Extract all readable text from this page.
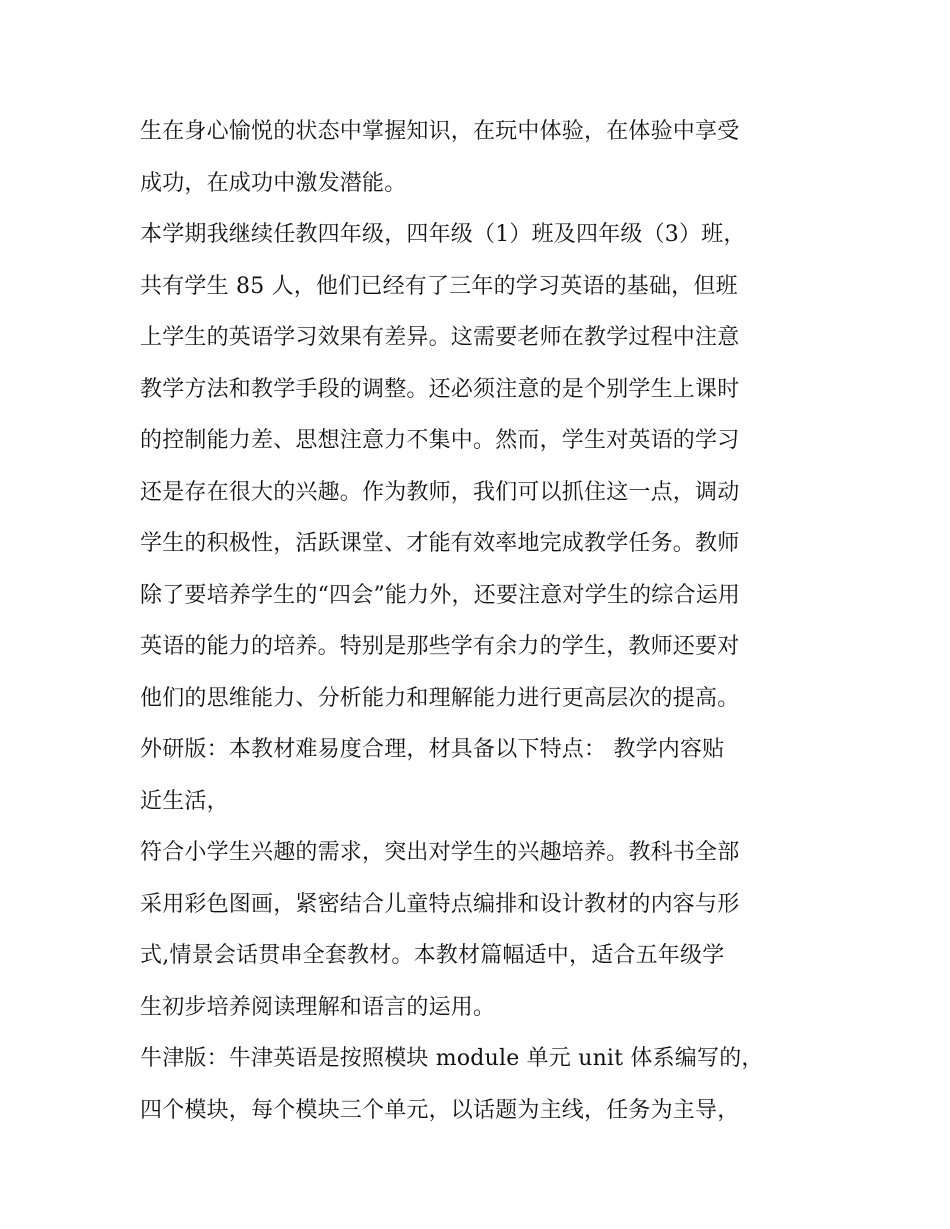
生在身心愉悦的状态中掌握知识，在玩中体验，在体验中享受
成功，在成功中激发潜能。
本学期我继续任教四年级，四年级（1）班及四年级（3）班，
共有学生 85 人，他们已经有了三年的学习英语的基础，但班
上学生的英语学习效果有差异。这需要老师在教学过程中注意
教学方法和教学手段的调整。还必须注意的是个别学生上课时
的控制能力差、思想注意力不集中。然而，学生对英语的学习
还是存在很大的兴趣。作为教师，我们可以抓住这一点，调动
学生的积极性，活跃课堂、才能有效率地完成教学任务。教师
除了要培养学生的“四会”能力外，还要注意对学生的综合运用
英语的能力的培养。特别是那些学有余力的学生，教师还要对
他们的思维能力、分析能力和理解能力进行更高层次的提高。
外研版：本教材难易度合理，材具备以下特点： 教学内容贴
近生活，
符合小学生兴趣的需求，突出对学生的兴趣培养。教科书全部
采用彩色图画，紧密结合儿童特点编排和设计教材的内容与形
式,情景会话贯串全套教材。本教材篇幅适中，适合五年级学
生初步培养阅读理解和语言的运用。
牛津版：牛津英语是按照模块 module 单元 unit 体系编写的，
四个模块，每个模块三个单元，以话题为主线，任务为主导，
